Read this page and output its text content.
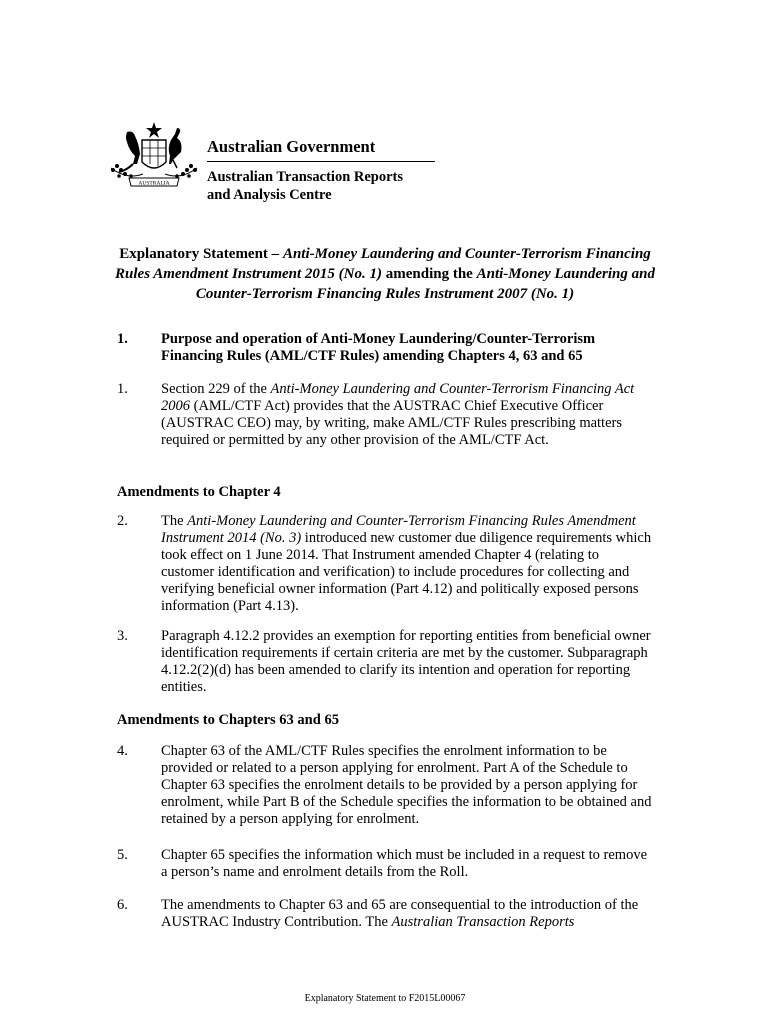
AUSTRALIA
Australian Government
Australian Transaction Reports
and Analysis Centre
Explanatory Statement – Anti-Money Laundering and Counter-Terrorism Financing Rules Amendment Instrument 2015 (No. 1) amending the Anti-Money Laundering and Counter-Terrorism Financing Rules Instrument 2007 (No. 1)
1.	Purpose and operation of Anti-Money Laundering/Counter-Terrorism Financing Rules (AML/CTF Rules) amending Chapters 4, 63 and 65
1.	Section 229 of the Anti-Money Laundering and Counter-Terrorism Financing Act 2006 (AML/CTF Act) provides that the AUSTRAC Chief Executive Officer (AUSTRAC CEO) may, by writing, make AML/CTF Rules prescribing matters required or permitted by any other provision of the AML/CTF Act.
Amendments to Chapter 4
2.	The Anti-Money Laundering and Counter-Terrorism Financing Rules Amendment Instrument 2014 (No. 3) introduced new customer due diligence requirements which took effect on 1 June 2014. That Instrument amended Chapter 4 (relating to customer identification and verification) to include procedures for collecting and verifying beneficial owner information (Part 4.12) and politically exposed persons information (Part 4.13).
3.	Paragraph 4.12.2 provides an exemption for reporting entities from beneficial owner identification requirements if certain criteria are met by the customer. Subparagraph 4.12.2(2)(d) has been amended to clarify its intention and operation for reporting entities.
Amendments to Chapters 63 and 65
4.	Chapter 63 of the AML/CTF Rules specifies the enrolment information to be provided or related to a person applying for enrolment. Part A of the Schedule to Chapter 63 specifies the enrolment details to be provided by a person applying for enrolment, while Part B of the Schedule specifies the information to be obtained and retained by a person applying for enrolment.
5.	Chapter 65 specifies the information which must be included in a request to remove a person’s name and enrolment details from the Roll.
6.	The amendments to Chapter 63 and 65 are consequential to the introduction of the AUSTRAC Industry Contribution. The Australian Transaction Reports
Explanatory Statement to F2015L00067
